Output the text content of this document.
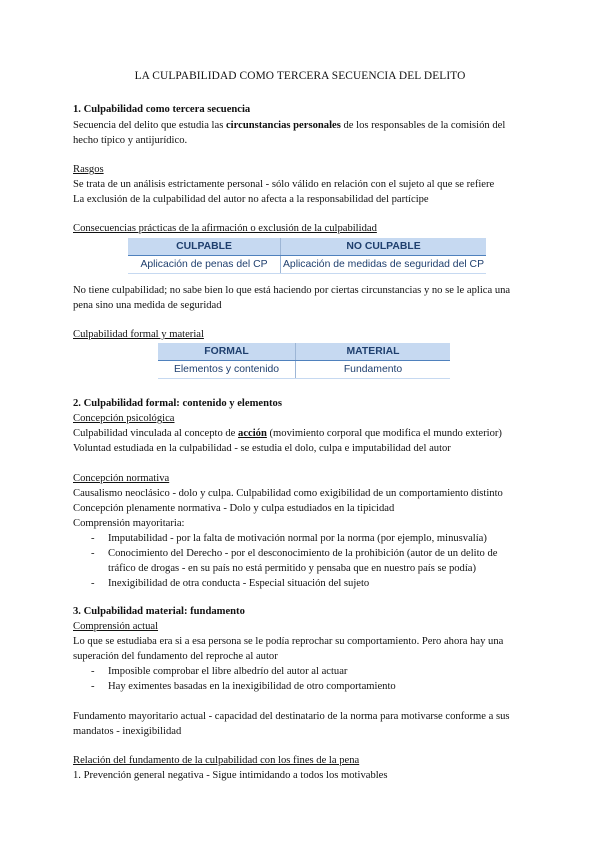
LA CULPABILIDAD COMO TERCERA SECUENCIA DEL DELITO
1. Culpabilidad como tercera secuencia
Secuencia del delito que estudia las circunstancias personales de los responsables de la comisión del
hecho típico y antijurídico.
Rasgos
Se trata de un análisis estrictamente personal - sólo válido en relación con el sujeto al que se refiere
La exclusión de la culpabilidad del autor no afecta a la responsabilidad del partícipe
Consecuencias prácticas de la afirmación o exclusión de la culpabilidad
CULPABLE	NO CULPABLE
Aplicación de penas del CP	Aplicación de medidas de seguridad del CP
No tiene culpabilidad; no sabe bien lo que está haciendo por ciertas circunstancias y no se le aplica una
pena sino una medida de seguridad
Culpabilidad formal y material
FORMAL	MATERIAL
Elementos y contenido	Fundamento
2. Culpabilidad formal: contenido y elementos
Concepción psicológica
Culpabilidad vinculada al concepto de acción (movimiento corporal que modifica el mundo exterior)
Voluntad estudiada en la culpabilidad - se estudia el dolo, culpa e imputabilidad del autor
Concepción normativa
Causalismo neoclásico - dolo y culpa. Culpabilidad como exigibilidad de un comportamiento distinto
Concepción plenamente normativa - Dolo y culpa estudiados en la tipicidad
Comprensión mayoritaria:
- Imputabilidad - por la falta de motivación normal por la norma (por ejemplo, minusvalía)
- Conocimiento del Derecho - por el desconocimiento de la prohibición (autor de un delito de
tráfico de drogas - en su país no está permitido y pensaba que en nuestro país se podía)
- Inexigibilidad de otra conducta - Especial situación del sujeto
3. Culpabilidad material: fundamento
Comprensión actual
Lo que se estudiaba era si a esa persona se le podía reprochar su comportamiento. Pero ahora hay una
superación del fundamento del reproche al autor
- Imposible comprobar el libre albedrío del autor al actuar
- Hay eximentes basadas en la inexigibilidad de otro comportamiento
Fundamento mayoritario actual - capacidad del destinatario de la norma para motivarse conforme a sus
mandatos - inexigibilidad
Relación del fundamento de la culpabilidad con los fines de la pena
1. Prevención general negativa - Sigue intimidando a todos los motivables
